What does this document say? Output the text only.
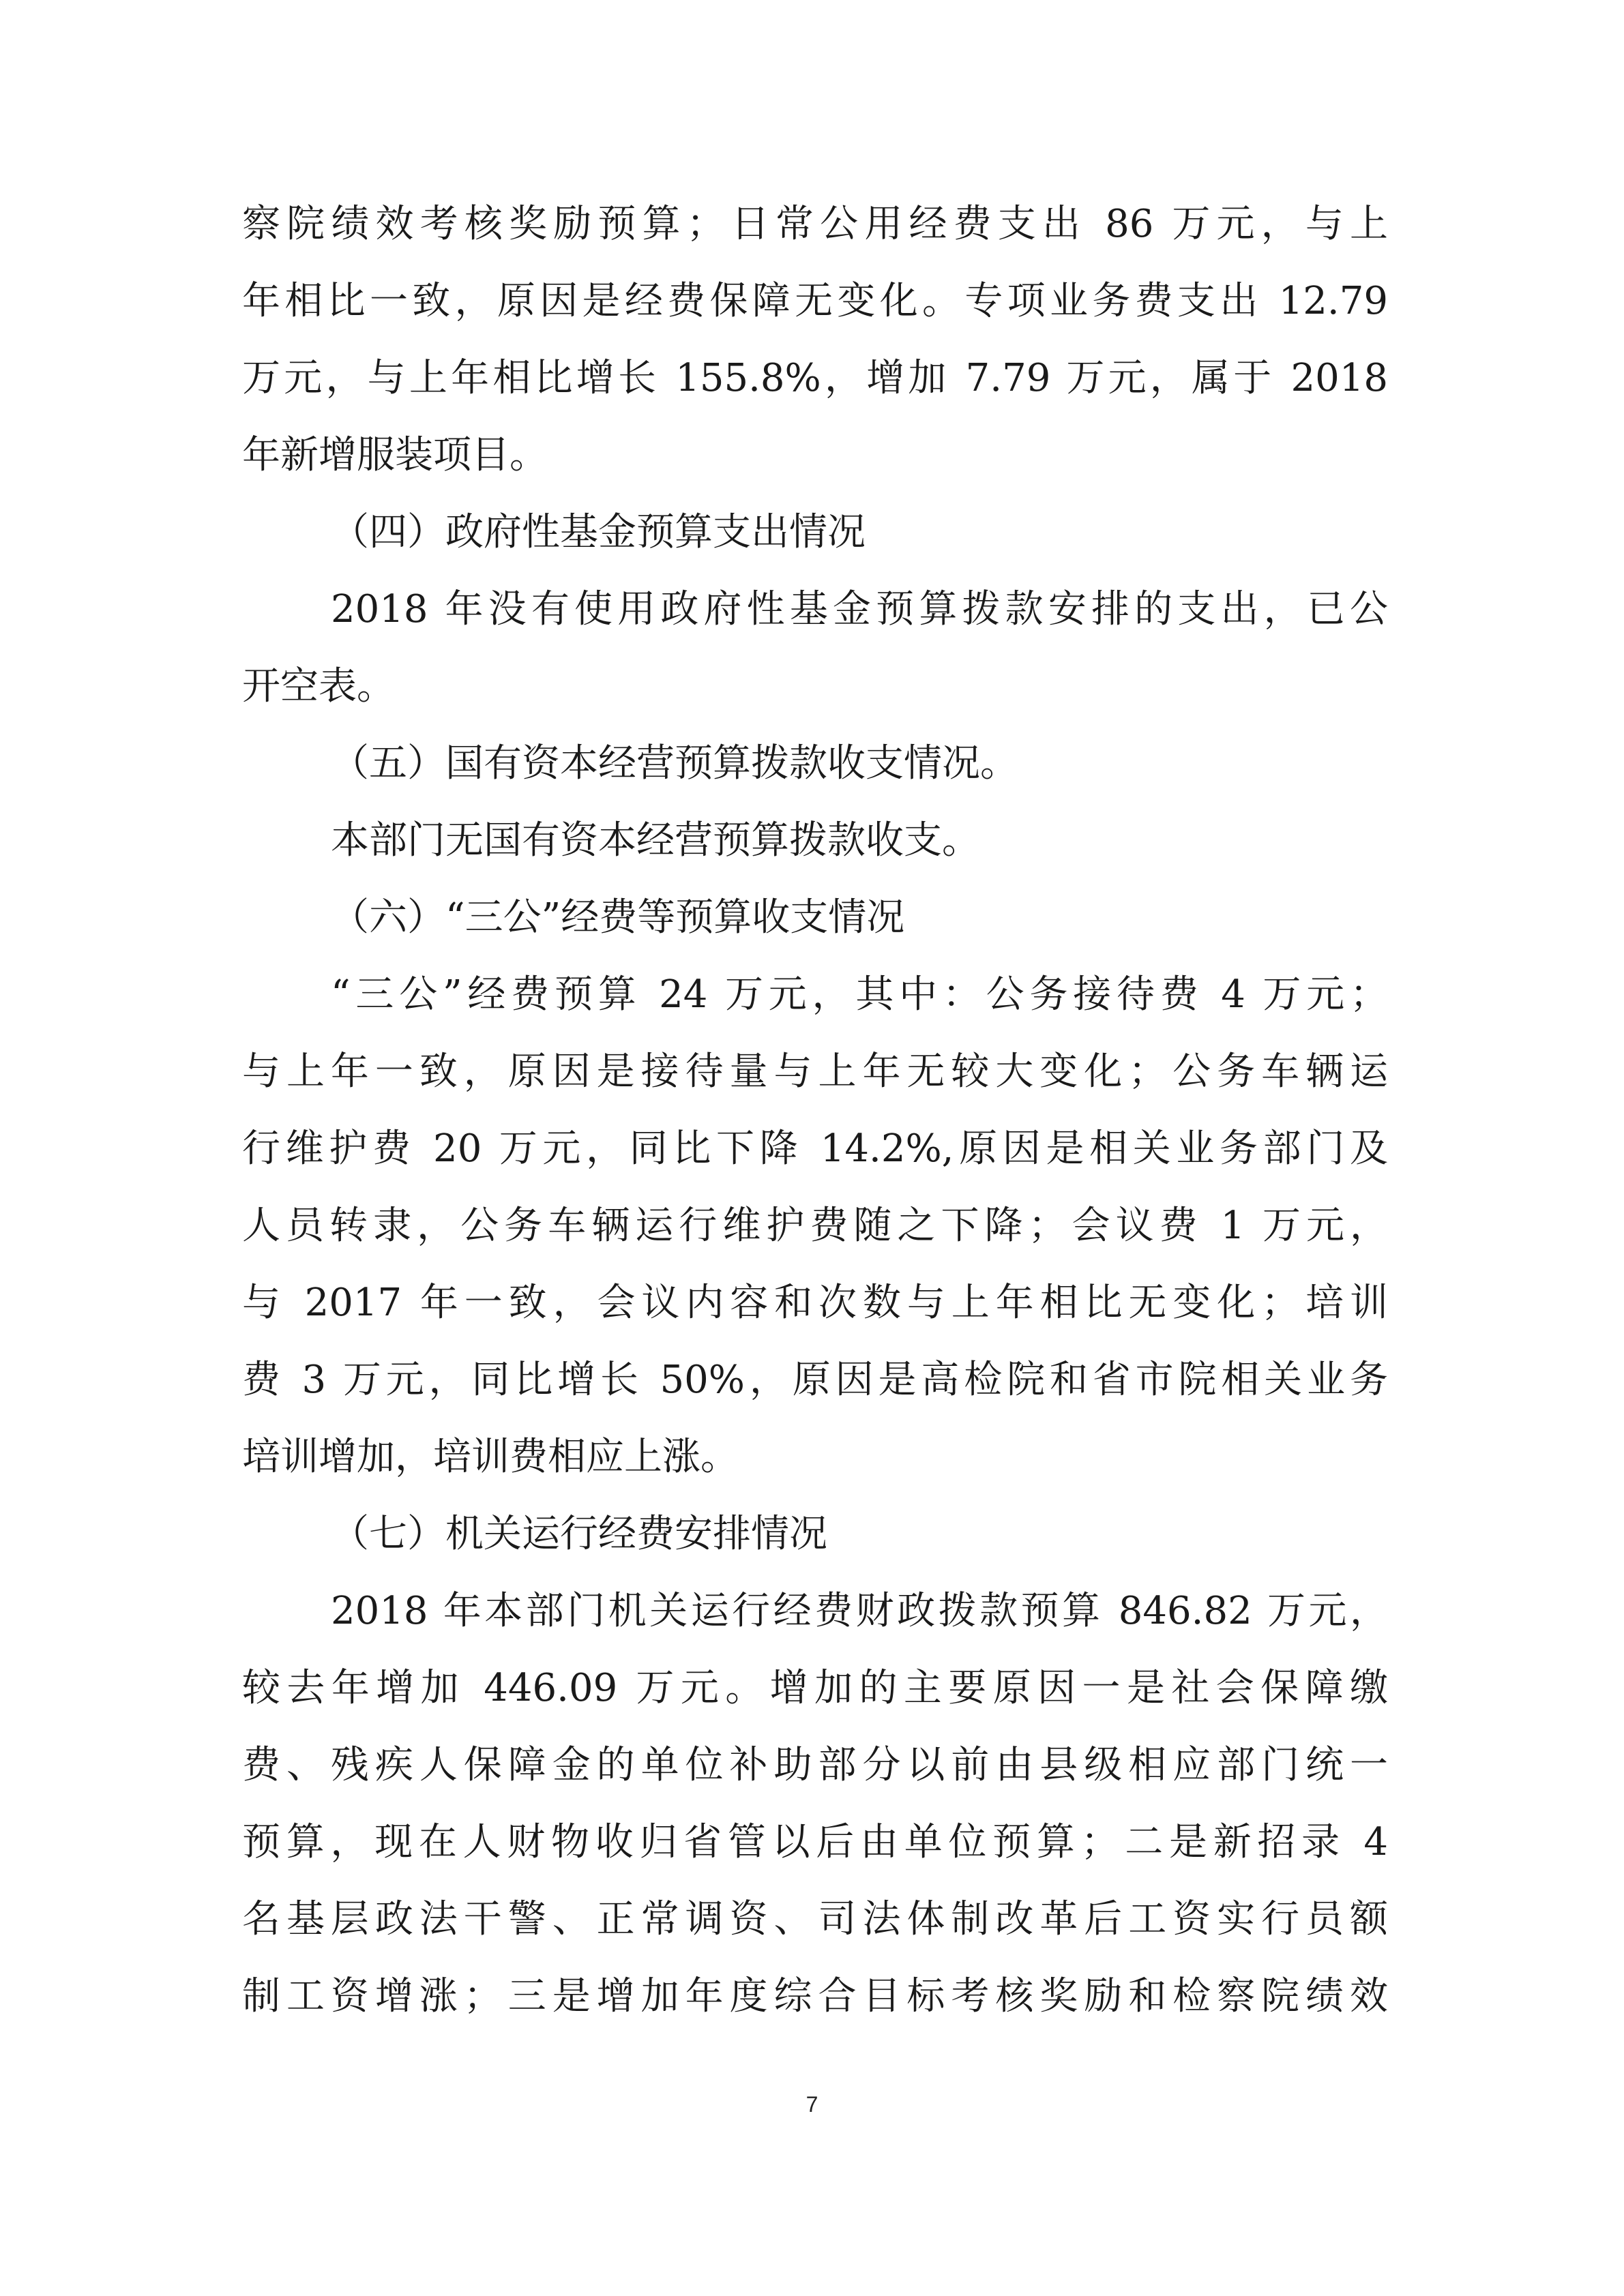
察院绩效考核奖励预算；日常公用经费支出 86 万元，与上
年相比一致，原因是经费保障无变化。专项业务费支出 12.79
万元，与上年相比增长 155.8%，增加 7.79 万元，属于 2018
年新增服装项目。
（四）政府性基金预算支出情况
2018 年没有使用政府性基金预算拨款安排的支出，已公
开空表。
（五）国有资本经营预算拨款收支情况。
本部门无国有资本经营预算拨款收支。
（六）“三公”经费等预算收支情况
“三公”经费预算 24 万元，其中：公务接待费 4 万元；
与上年一致，原因是接待量与上年无较大变化；公务车辆运
行维护费 20 万元，同比下降 14.2%,原因是相关业务部门及
人员转隶，公务车辆运行维护费随之下降；会议费 1 万元，
与 2017 年一致，会议内容和次数与上年相比无变化；培训
费 3 万元，同比增长 50%，原因是高检院和省市院相关业务
培训增加，培训费相应上涨。
（七）机关运行经费安排情况
2018 年本部门机关运行经费财政拨款预算 846.82 万元，
较去年增加 446.09 万元。增加的主要原因一是社会保障缴
费、残疾人保障金的单位补助部分以前由县级相应部门统一
预算，现在人财物收归省管以后由单位预算；二是新招录 4
名基层政法干警、正常调资、司法体制改革后工资实行员额
制工资增涨；三是增加年度综合目标考核奖励和检察院绩效
7
